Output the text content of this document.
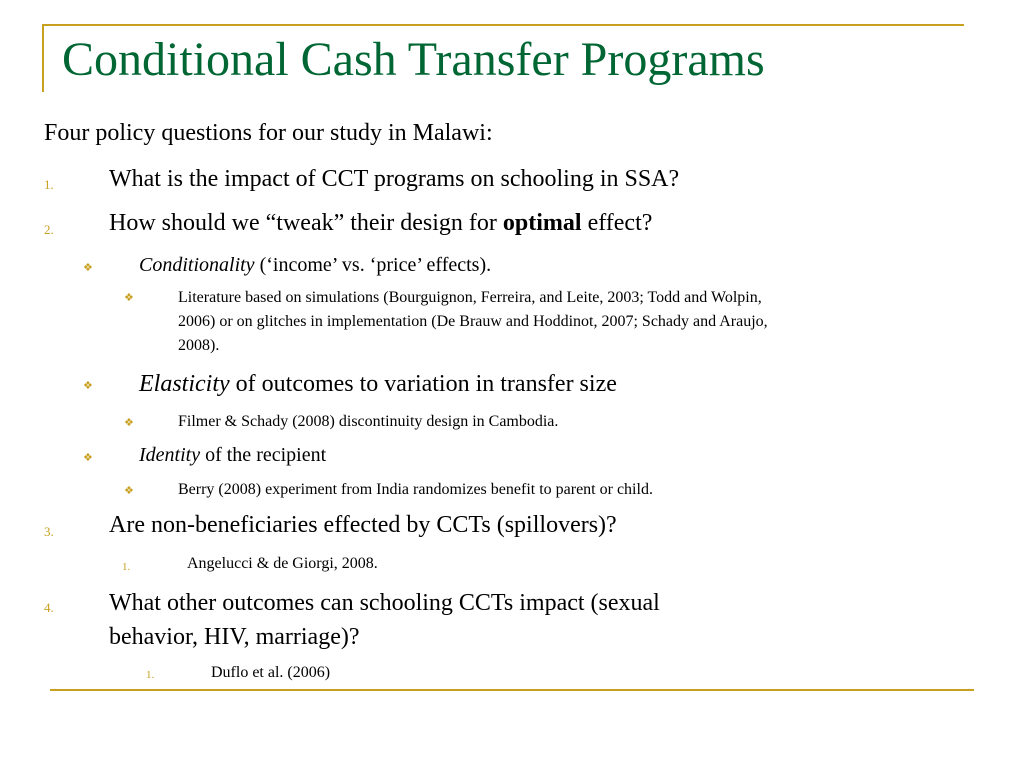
Conditional Cash Transfer Programs
Four policy questions for our study in Malawi:
1. What is the impact of CCT programs on schooling in SSA?
2. How should we “tweak” their design for optimal effect?
❖ Conditionality (‘income’ vs. ‘price’ effects).
❖	Literature based on simulations (Bourguignon, Ferreira, and Leite, 2003; Todd and Wolpin,
2006) or on glitches in implementation (De Brauw and Hoddinot, 2007; Schady and Araujo,
2008).
❖ Elasticity of outcomes to variation in transfer size
❖	Filmer & Schady (2008) discontinuity design in Cambodia.
❖ Identity of the recipient
❖	Berry (2008) experiment from India randomizes benefit to parent or child.
3. Are non-beneficiaries effected by CCTs (spillovers)?
1.	Angelucci & de Giorgi, 2008.
4. What other outcomes can schooling CCTs impact (sexual
behavior, HIV, marriage)?
1.	Duflo et al. (2006)
